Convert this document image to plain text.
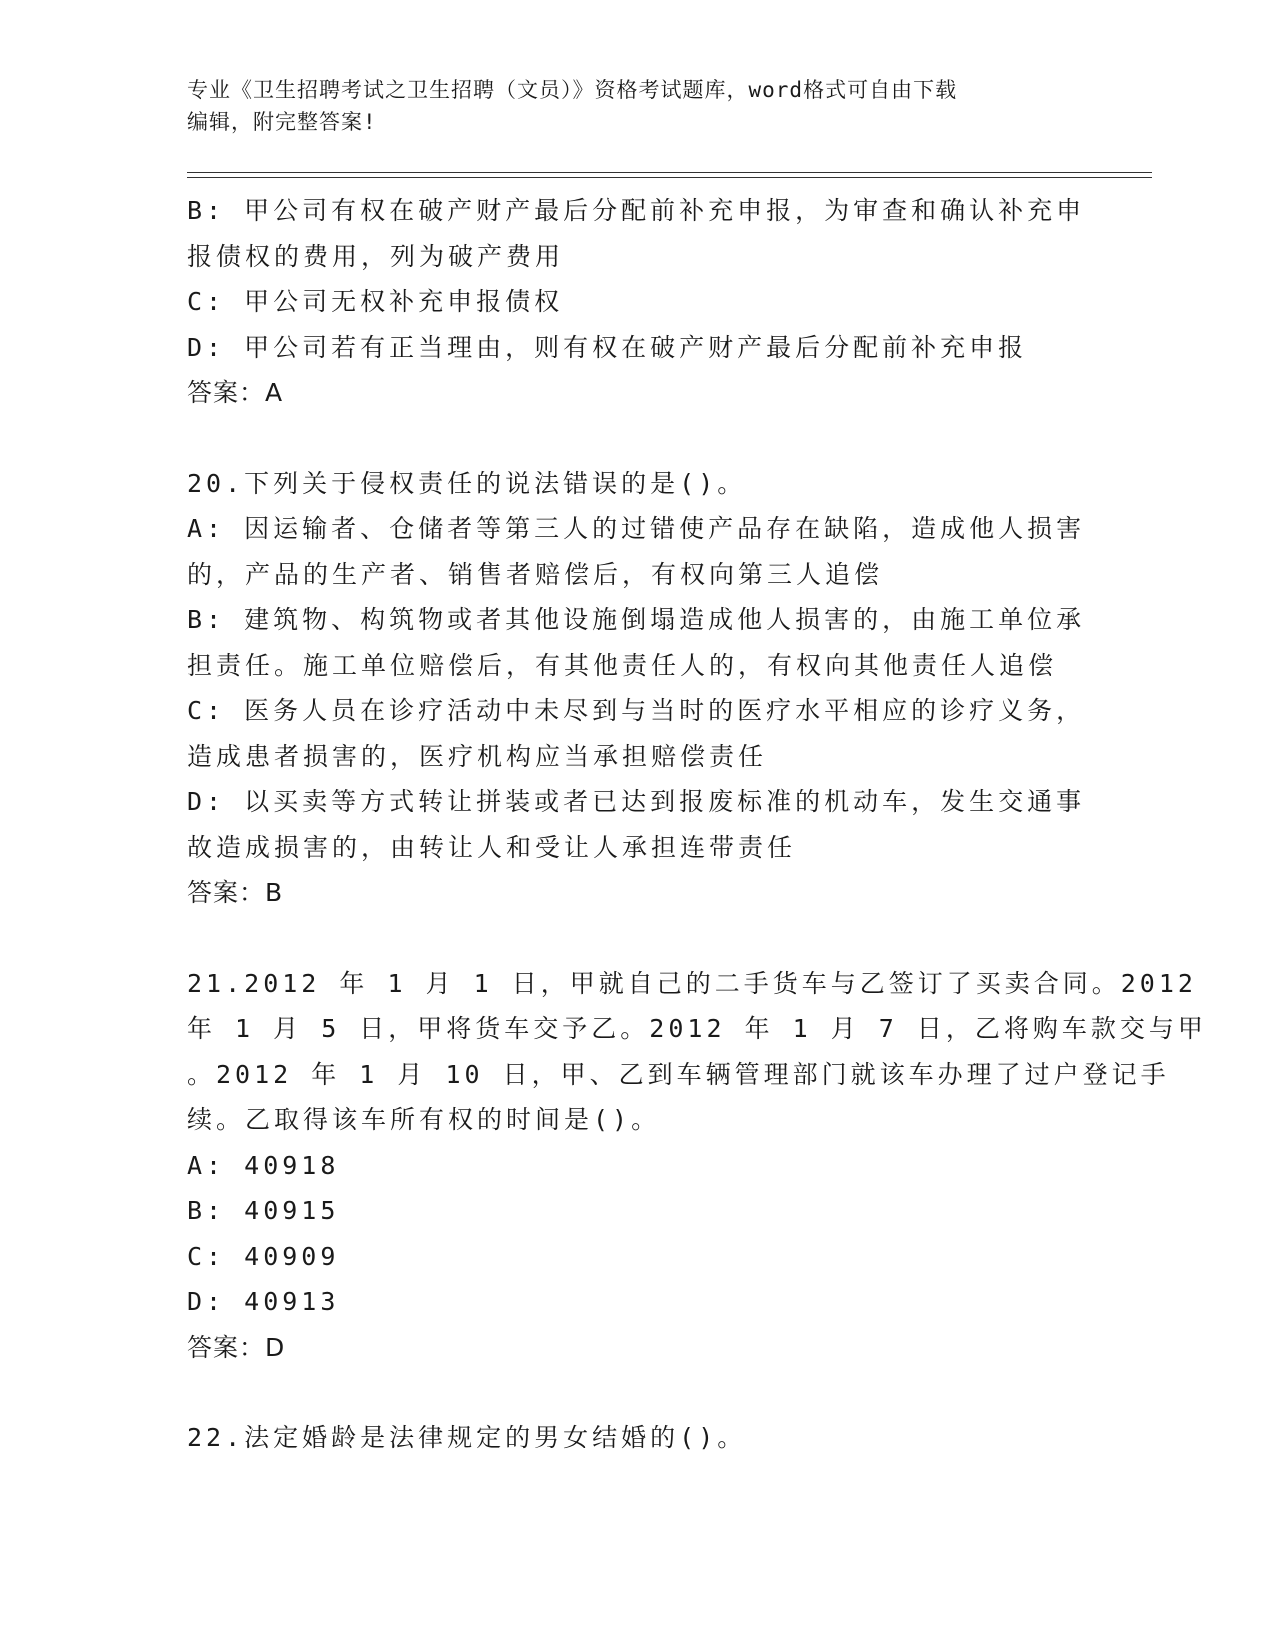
专业《卫生招聘考试之卫生招聘（文员）》资格考试题库，word格式可自由下载
编辑，附完整答案!
B: 甲公司有权在破产财产最后分配前补充申报，为审查和确认补充申
报债权的费用，列为破产费用
C: 甲公司无权补充申报债权
D: 甲公司若有正当理由，则有权在破产财产最后分配前补充申报
答案：A
20.下列关于侵权责任的说法错误的是()。
A: 因运输者、仓储者等第三人的过错使产品存在缺陷，造成他人损害
的，产品的生产者、销售者赔偿后，有权向第三人追偿
B: 建筑物、构筑物或者其他设施倒塌造成他人损害的，由施工单位承
担责任。施工单位赔偿后，有其他责任人的，有权向其他责任人追偿
C: 医务人员在诊疗活动中未尽到与当时的医疗水平相应的诊疗义务，
造成患者损害的，医疗机构应当承担赔偿责任
D: 以买卖等方式转让拼装或者已达到报废标准的机动车，发生交通事
故造成损害的，由转让人和受让人承担连带责任
答案：B
21.2012 年 1 月 1 日，甲就自己的二手货车与乙签订了买卖合同。2012
年 1 月 5 日，甲将货车交予乙。2012 年 1 月 7 日，乙将购车款交与甲
。2012 年 1 月 10 日，甲、乙到车辆管理部门就该车办理了过户登记手
续。乙取得该车所有权的时间是()。
A: 40918
B: 40915
C: 40909
D: 40913
答案：D
22.法定婚龄是法律规定的男女结婚的()。
